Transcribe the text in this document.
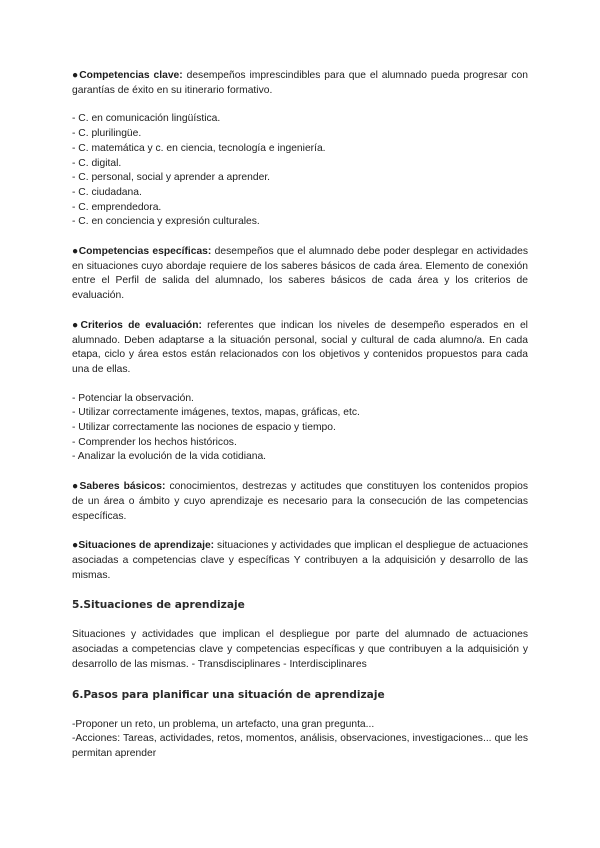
●Competencias clave: desempeños imprescindibles para que el alumnado pueda progresar con garantías de éxito en su itinerario formativo.

- C. en comunicación lingüística.
- C. plurilingüe.
- C. matemática y c. en ciencia, tecnología e ingeniería.
- C. digital.
- C. personal, social y aprender a aprender.
- C. ciudadana.
- C. emprendedora.
- C. en conciencia y expresión culturales.

●Competencias específicas: desempeños que el alumnado debe poder desplegar en actividades en situaciones cuyo abordaje requiere de los saberes básicos de cada área. Elemento de conexión entre el Perfil de salida del alumnado, los saberes básicos de cada área y los criterios de evaluación.

●Criterios de evaluación: referentes que indican los niveles de desempeño esperados en el alumnado. Deben adaptarse a la situación personal, social y cultural de cada alumno/a. En cada etapa, ciclo y área estos están relacionados con los objetivos y contenidos propuestos para cada una de ellas.

- Potenciar la observación.
- Utilizar correctamente imágenes, textos, mapas, gráficas, etc.
- Utilizar correctamente las nociones de espacio y tiempo.
- Comprender los hechos históricos.
- Analizar la evolución de la vida cotidiana.

●Saberes básicos: conocimientos, destrezas y actitudes que constituyen los contenidos propios de un área o ámbito y cuyo aprendizaje es necesario para la consecución de las competencias específicas.

●Situaciones de aprendizaje: situaciones y actividades que implican el despliegue de actuaciones asociadas a competencias clave y específicas Y contribuyen a la adquisición y desarrollo de las mismas.

5.Situaciones de aprendizaje

Situaciones y actividades que implican el despliegue por parte del alumnado de actuaciones asociadas a competencias clave y competencias específicas y que contribuyen a la adquisición y desarrollo de las mismas. - Transdisciplinares - Interdisciplinares

6.Pasos para planificar una situación de aprendizaje

-Proponer un reto, un problema, un artefacto, una gran pregunta...

-Acciones: Tareas, actividades, retos, momentos, análisis, observaciones, investigaciones... que les permitan aprender
